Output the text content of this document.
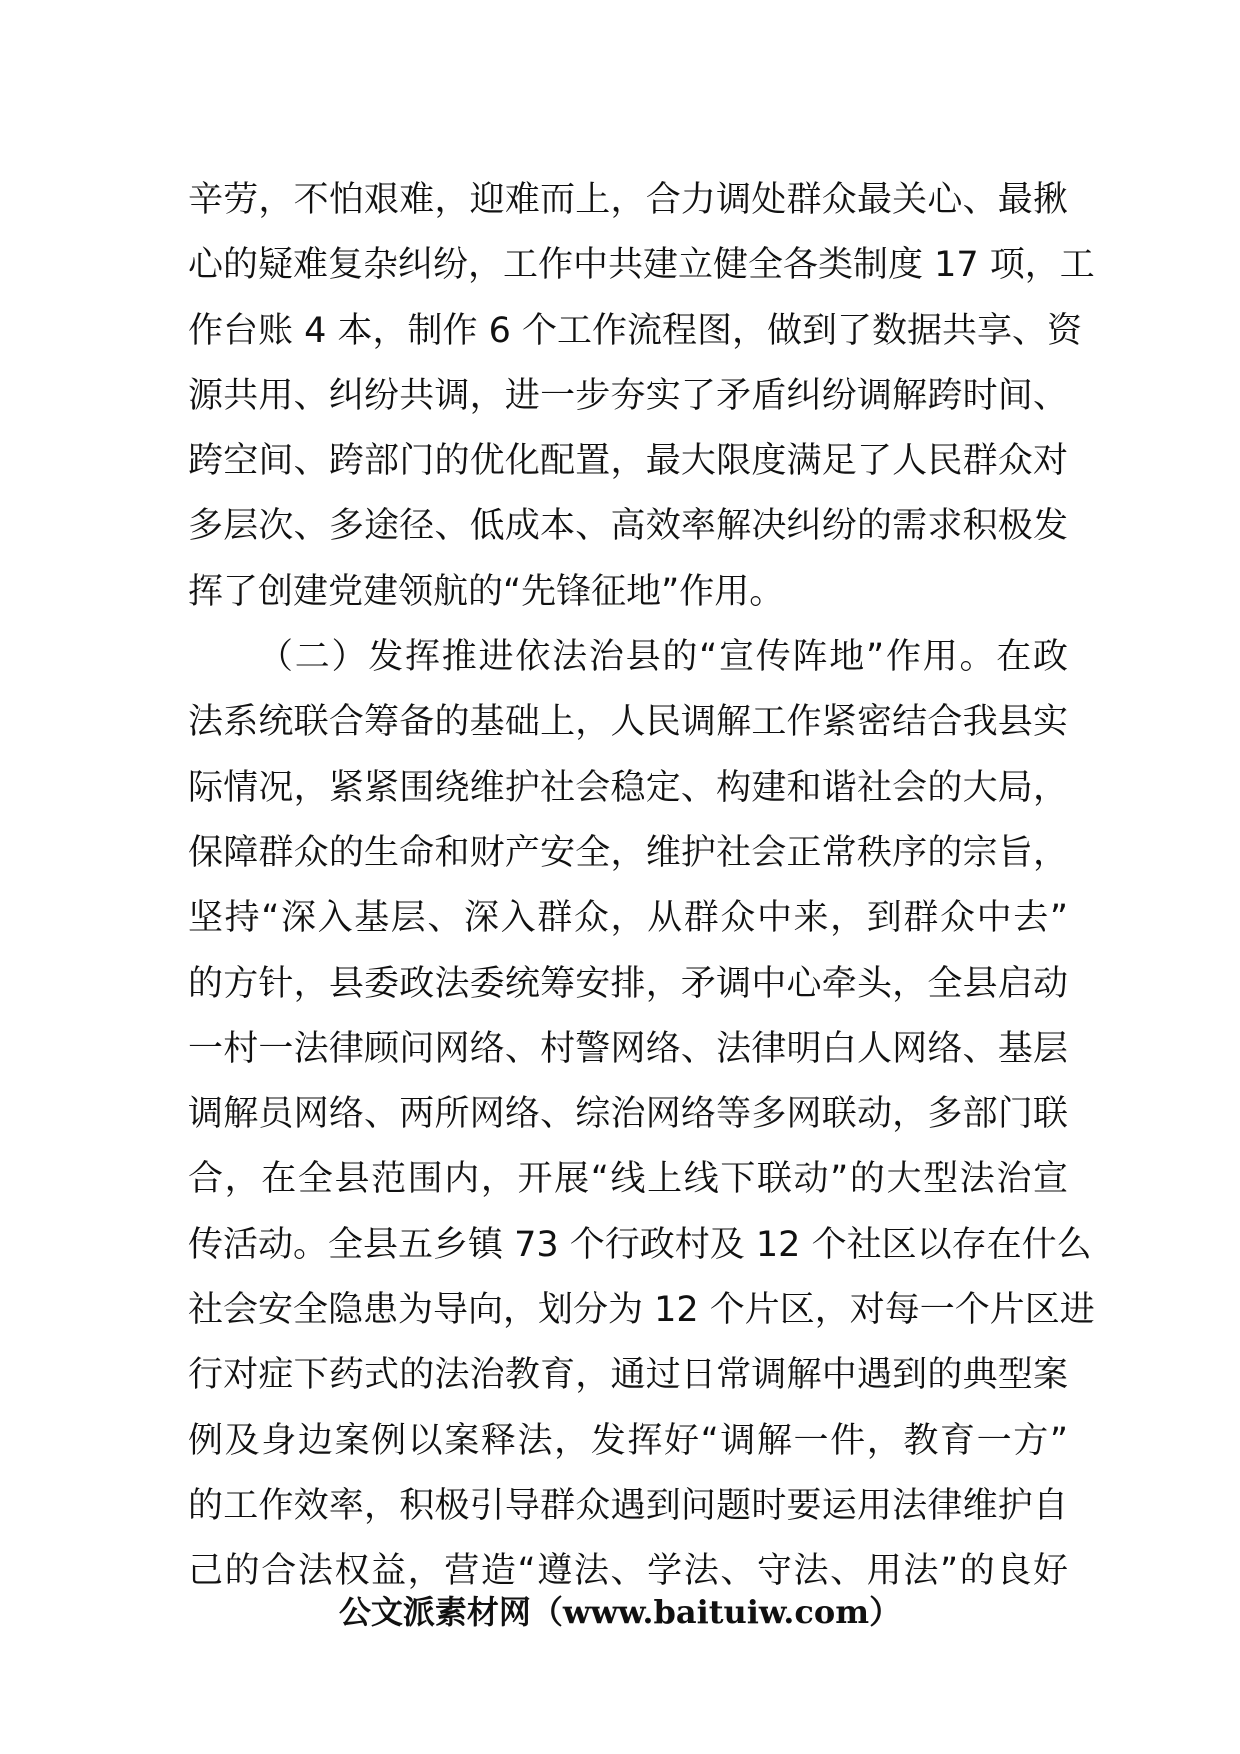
辛劳，不怕艰难，迎难而上，合力调处群众最关心、最揪
心的疑难复杂纠纷，工作中共建立健全各类制度 17 项，工
作台账 4 本，制作 6 个工作流程图，做到了数据共享、资
源共用、纠纷共调，进一步夯实了矛盾纠纷调解跨时间、
跨空间、跨部门的优化配置，最大限度满足了人民群众对
多层次、多途径、低成本、高效率解决纠纷的需求积极发
挥了创建党建领航的“先锋征地”作用。
（二）发挥推进依法治县的“宣传阵地”作用。在政
法系统联合筹备的基础上，人民调解工作紧密结合我县实
际情况，紧紧围绕维护社会稳定、构建和谐社会的大局，
保障群众的生命和财产安全，维护社会正常秩序的宗旨，
坚持“深入基层、深入群众，从群众中来，到群众中去”
的方针，县委政法委统筹安排，矛调中心牵头，全县启动
一村一法律顾问网络、村警网络、法律明白人网络、基层
调解员网络、两所网络、综治网络等多网联动，多部门联
合，在全县范围内，开展“线上线下联动”的大型法治宣
传活动。全县五乡镇 73 个行政村及 12 个社区以存在什么
社会安全隐患为导向，划分为 12 个片区，对每一个片区进
行对症下药式的法治教育，通过日常调解中遇到的典型案
例及身边案例以案释法，发挥好“调解一件，教育一方”
的工作效率，积极引导群众遇到问题时要运用法律维护自
己的合法权益，营造“遵法、学法、守法、用法”的良好
公文派素材网（www.baituiw.com）
